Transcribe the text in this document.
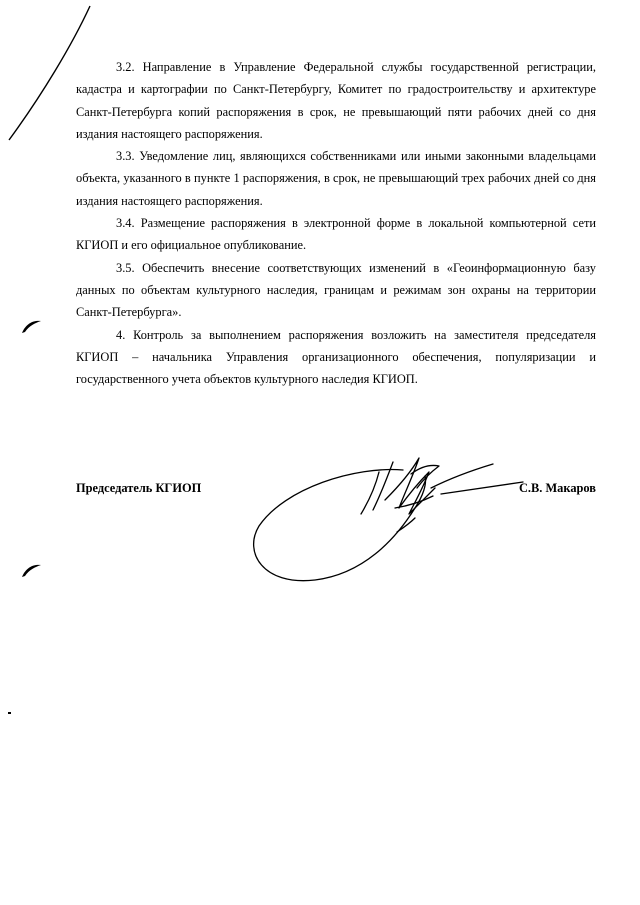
3.2. Направление в Управление Федеральной службы государственной регистрации, кадастра и картографии по Санкт-Петербургу, Комитет по градостроительству и архитектуре Санкт-Петербурга копий распоряжения в срок, не превышающий пяти рабочих дней со дня издания настоящего распоряжения.

3.3. Уведомление лиц, являющихся собственниками или иными законными владельцами объекта, указанного в пункте 1 распоряжения, в срок, не превышающий трех рабочих дней со дня издания настоящего распоряжения.

3.4. Размещение распоряжения в электронной форме в локальной компьютерной сети КГИОП и его официальное опубликование.

3.5. Обеспечить внесение соответствующих изменений в «Геоинформационную базу данных по объектам культурного наследия, границам и режимам зон охраны на территории Санкт-Петербурга».

4. Контроль за выполнением распоряжения возложить на заместителя председателя КГИОП – начальника Управления организационного обеспечения, популяризации и государственного учета объектов культурного наследия КГИОП.

Председатель КГИОП	С.В. Макаров
